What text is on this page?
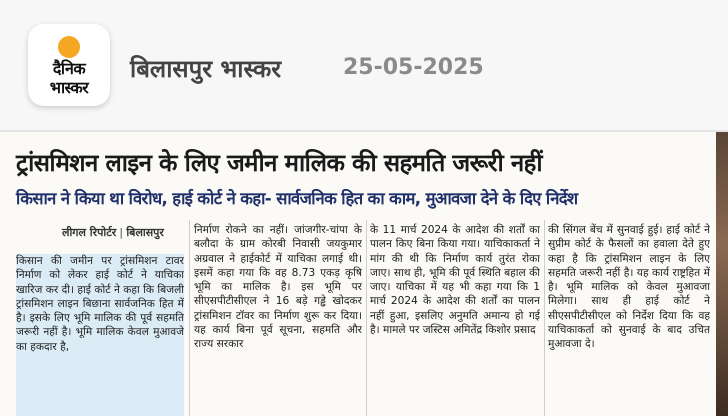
दैनिक
भास्कर
बिलासपुर भास्कर	25-05-2025
ट्रांसमिशन लाइन के लिए जमीन मालिक की सहमति जरूरी नहीं
किसान ने किया था विरोध, हाई कोर्ट ने कहा- सार्वजनिक हित का काम, मुआवजा देने के दिए निर्देश
लीगल रिपोर्टर | बिलासपुर

किसान की जमीन पर ट्रांसमिशन टावर निर्माण को लेकर हाई कोर्ट ने याचिका खारिज कर दी। हाई कोर्ट ने कहा कि बिजली ट्रांसमिशन लाइन बिछाना सार्वजनिक हित में है। इसके लिए भूमि मालिक की पूर्व सहमति जरूरी नहीं है। भूमि मालिक केवल मुआवजे का हकदार है,

निर्माण रोकने का नहीं। जांजगीर-चांपा के बलौदा के ग्राम कोरबी निवासी जयकुमार अग्रवाल ने हाईकोर्ट में याचिका लगाई थी। इसमें कहा गया कि वह 8.73 एकड़ कृषि भूमि का मालिक है। इस भूमि पर सीएसपीटीसीएल ने 16 बड़े गड्ढे खोदकर ट्रांसमिशन टॉवर का निर्माण शुरू कर दिया। यह कार्य बिना पूर्व सूचना, सहमति और राज्य सरकार

के 11 मार्च 2024 के आदेश की शर्तों का पालन किए बिना किया गया। याचिकाकर्ता ने मांग की थी कि निर्माण कार्य तुरंत रोका जाए। साथ ही, भूमि की पूर्व स्थिति बहाल की जाए। याचिका में यह भी कहा गया कि 1 मार्च 2024 के आदेश की शर्तों का पालन नहीं हुआ, इसलिए अनुमति अमान्य हो गई है। मामले पर जस्टिस अमितेंद्र किशोर प्रसाद

की सिंगल बेंच में सुनवाई हुई। हाई कोर्ट ने सुप्रीम कोर्ट के फैसलों का हवाला देते हुए कहा है कि ट्रांसमिशन लाइन के लिए सहमति जरूरी नहीं है। यह कार्य राष्ट्रहित में है। भूमि मालिक को केवल मुआवजा मिलेगा। साथ ही हाई कोर्ट ने सीएसपीटीसीएल को निर्देश दिया कि वह याचिकाकर्ता को सुनवाई के बाद उचित मुआवजा दे।
